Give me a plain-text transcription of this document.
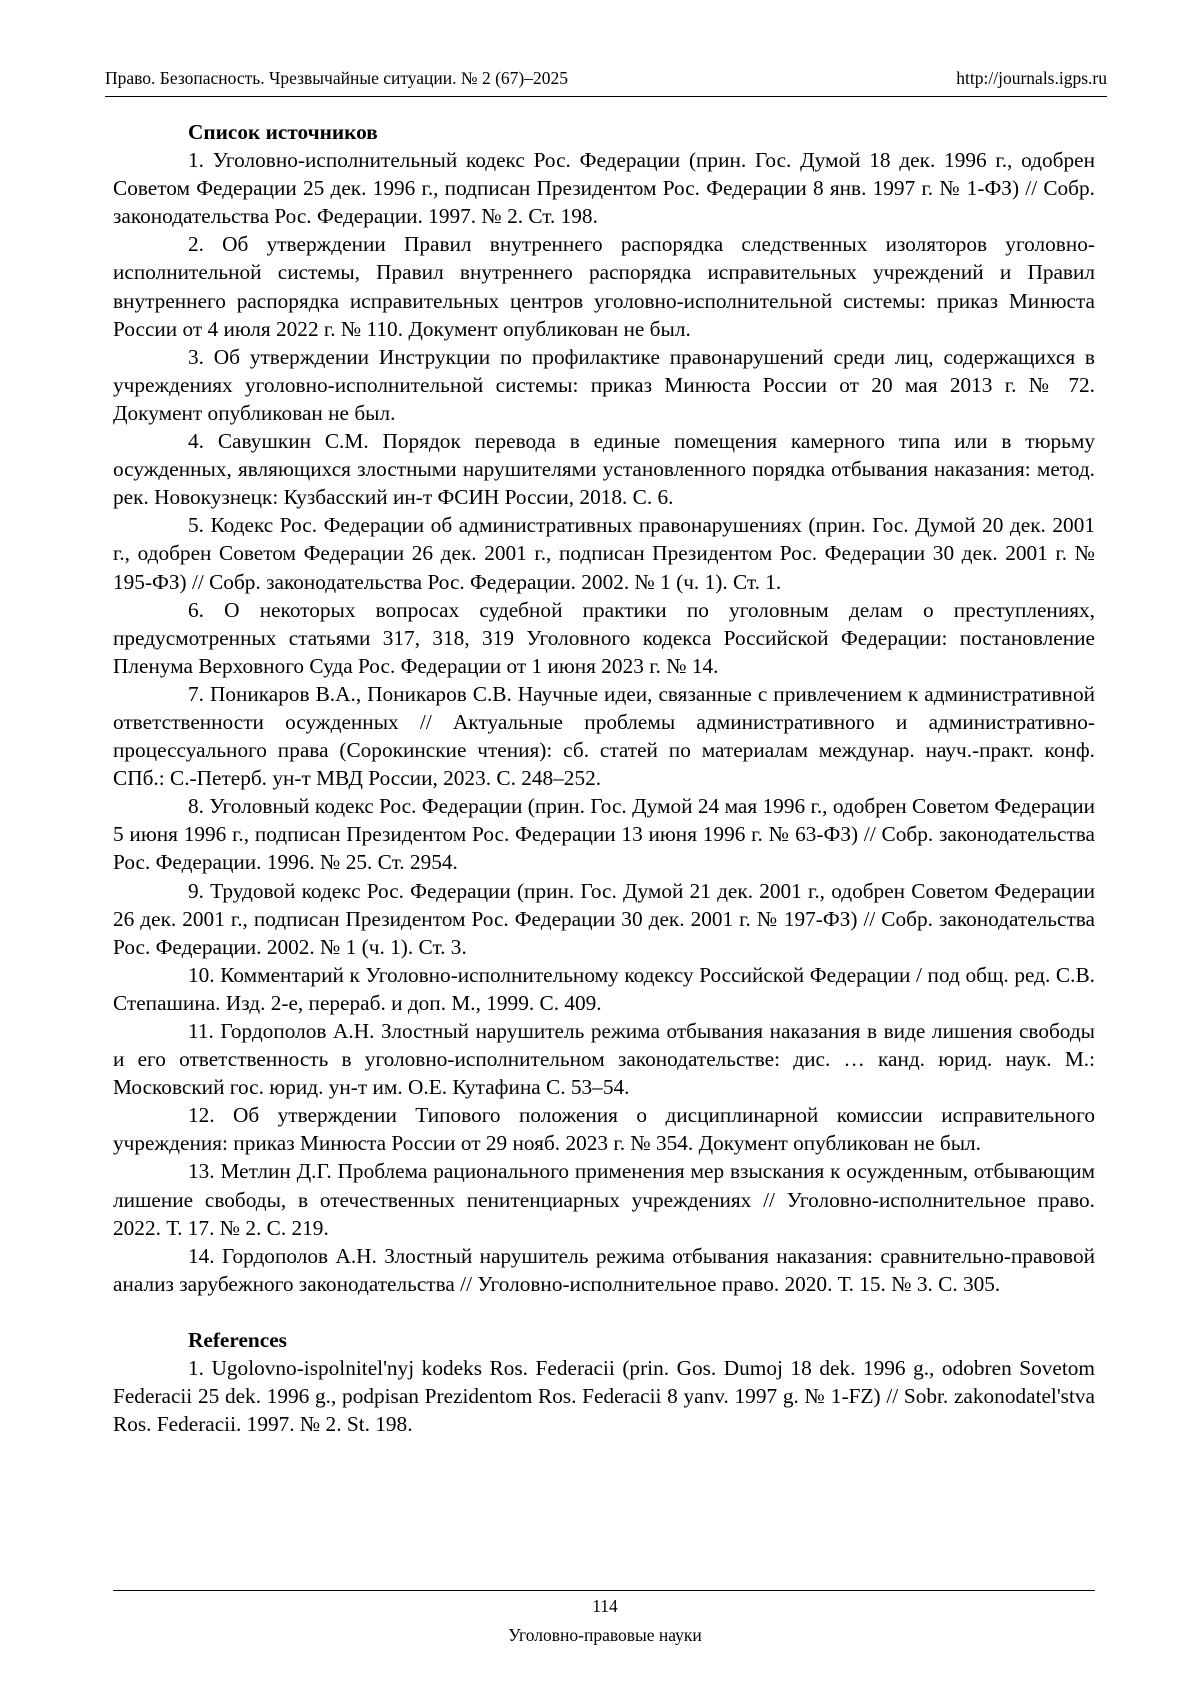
Право. Безопасность. Чрезвычайные ситуации. № 2 (67)–2025	http://journals.igps.ru

Список источников

1. Уголовно-исполнительный кодекс Рос. Федерации (прин. Гос. Думой 18 дек. 1996 г., одобрен Советом Федерации 25 дек. 1996 г., подписан Президентом Рос. Федерации 8 янв. 1997 г. № 1-ФЗ) // Собр. законодательства Рос. Федерации. 1997. № 2. Ст. 198.

2. Об утверждении Правил внутреннего распорядка следственных изоляторов уголовно-исполнительной системы, Правил внутреннего распорядка исправительных учреждений и Правил внутреннего распорядка исправительных центров уголовно-исполнительной системы: приказ Минюста России от 4 июля 2022 г. № 110. Документ опубликован не был.

3. Об утверждении Инструкции по профилактике правонарушений среди лиц, содержащихся в учреждениях уголовно-исполнительной системы: приказ Минюста России от 20 мая 2013 г. № 72. Документ опубликован не был.

4. Савушкин С.М. Порядок перевода в единые помещения камерного типа или в тюрьму осужденных, являющихся злостными нарушителями установленного порядка отбывания наказания: метод. рек. Новокузнецк: Кузбасский ин-т ФСИН России, 2018. С. 6.

5. Кодекс Рос. Федерации об административных правонарушениях (прин. Гос. Думой 20 дек. 2001 г., одобрен Советом Федерации 26 дек. 2001 г., подписан Президентом Рос. Федерации 30 дек. 2001 г. № 195-ФЗ) // Собр. законодательства Рос. Федерации. 2002. № 1 (ч. 1). Ст. 1.

6. О некоторых вопросах судебной практики по уголовным делам о преступлениях, предусмотренных статьями 317, 318, 319 Уголовного кодекса Российской Федерации: постановление Пленума Верховного Суда Рос. Федерации от 1 июня 2023 г. № 14.

7. Поникаров В.А., Поникаров С.В. Научные идеи, связанные с привлечением к административной ответственности осужденных // Актуальные проблемы административного и административно-процессуального права (Сорокинские чтения): сб. статей по материалам междунар. науч.-практ. конф. СПб.: С.-Петерб. ун-т МВД России, 2023. С. 248–252.

8. Уголовный кодекс Рос. Федерации (прин. Гос. Думой 24 мая 1996 г., одобрен Советом Федерации 5 июня 1996 г., подписан Президентом Рос. Федерации 13 июня 1996 г. № 63-ФЗ) // Собр. законодательства Рос. Федерации. 1996. № 25. Ст. 2954.

9. Трудовой кодекс Рос. Федерации (прин. Гос. Думой 21 дек. 2001 г., одобрен Советом Федерации 26 дек. 2001 г., подписан Президентом Рос. Федерации 30 дек. 2001 г. № 197-ФЗ) // Собр. законодательства Рос. Федерации. 2002. № 1 (ч. 1). Ст. 3.

10. Комментарий к Уголовно-исполнительному кодексу Российской Федерации / под общ. ред. С.В. Степашина. Изд. 2-е, перераб. и доп. М., 1999. С. 409.

11. Гордополов А.Н. Злостный нарушитель режима отбывания наказания в виде лишения свободы и его ответственность в уголовно-исполнительном законодательстве: дис. … канд. юрид. наук. М.: Московский гос. юрид. ун-т им. О.Е. Кутафина С. 53–54.

12. Об утверждении Типового положения о дисциплинарной комиссии исправительного учреждения: приказ Минюста России от 29 нояб. 2023 г. № 354. Документ опубликован не был.

13. Метлин Д.Г. Проблема рационального применения мер взыскания к осужденным, отбывающим лишение свободы, в отечественных пенитенциарных учреждениях // Уголовно-исполнительное право. 2022. Т. 17. № 2. С. 219.

14. Гордополов А.Н. Злостный нарушитель режима отбывания наказания: сравнительно-правовой анализ зарубежного законодательства // Уголовно-исполнительное право. 2020. Т. 15. № 3. С. 305.

References

1. Ugolovno-ispolnitel'nyj kodeks Ros. Federacii (prin. Gos. Dumoj 18 dek. 1996 g., odobren Sovetom Federacii 25 dek. 1996 g., podpisan Prezidentom Ros. Federacii 8 yanv. 1997 g. № 1-FZ) // Sobr. zakonodatel'stva Ros. Federacii. 1997. № 2. St. 198.

114
Уголовно-правовые науки
